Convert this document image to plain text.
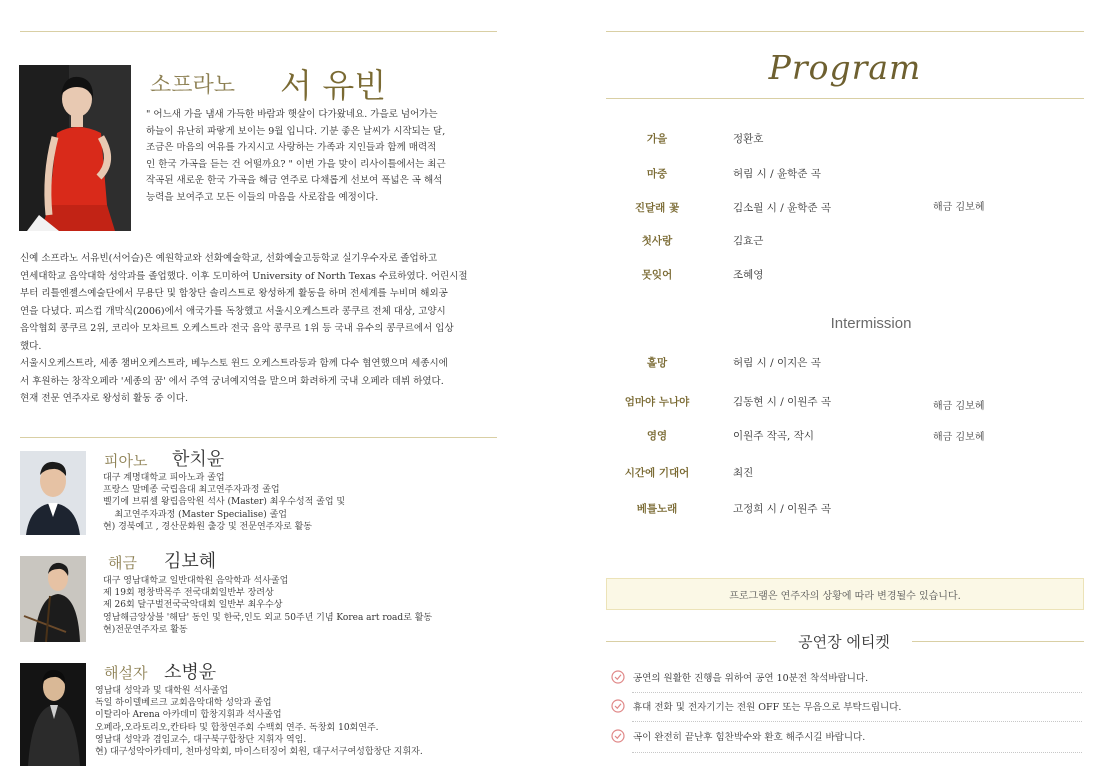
소프라노 서 유빈

" 어느새 가을 냄새 가득한 바람과 햇살이 다가왔네요. 가을로 넘어가는

하늘이 유난히 파랗게 보이는 9월 입니다. 기분 좋은 날씨가 시작되는 달,

조금은 마음의 여유를 가지시고 사랑하는 가족과 지인들과 함께 매력적

인 한국 가곡을 듣는 건 어떨까요? " 이번 가을 맞이 리사이틀에서는 최근

작곡된 새로운 한국 가곡을 해금 연주로 다채롭게 선보여 폭넓은 곡 해석

능력을 보여주고 모든 이들의 마음을 사로잡을 예정이다.

신예 소프라노 서유빈(서어슬)은 예원학교와 선화예술학교, 선화예술고등학교 실기우수자로 졸업하고

연세대학교 음악대학 성악과를 졸업했다. 이후 도미하여 University of North Texas 수료하였다. 어린시절

부터 리틀엔젤스예술단에서 무용단 및 합창단 솔리스트로 왕성하게 활동을 하며 전세계를 누비며 해외공

연을 다녔다. 피스컵 개막식(2006)에서 애국가를 독창했고 서울시오케스트라 콩쿠르 전체 대상, 고양시

음악협회 콩쿠르 2위, 코리아 모차르트 오케스트라 전국 음악 콩쿠르 1위 등 국내 유수의 콩쿠르에서 입상

했다.

서울시오케스트라, 세종 챔버오케스트라, 베누스토 윈드 오케스트라등과 함께 다수 협연했으며 세종시에

서 후원하는 창작오페라 '세종의 꿈' 에서 주역 궁녀예지역을 맡으며 화려하게 국내 오페라 데뷔 하였다.

현재 전문 연주자로 왕성히 활동 중 이다.

피아노 한치윤

대구 계명대학교 피아노과 졸업

프랑스 말메종 국립음대 최고연주자과정 졸업

벨기에 브뤼셀 왕립음악원 석사 (Master) 최우수성적 졸업 및

최고연주자과정 (Master Specialise) 졸업

현) 경북예고 , 경산문화원 출강 및 전문연주자로 활동

해금 김보혜

대구 영남대학교 일반대학원 음악학과 석사졸업

제 19회 평창박목주 전국대회일반부 장려상

제 26회 달구벌전국국악대회 일반부 최우수상

영남해금앙상블 '해담' 동인 및 한국,인도 외교 50주년 기념 Korea art road로 활동

현)전문연주자로 활동

해설자 소병윤

영남대 성악과 및 대학원 석사졸업

독일 하이델베르크 교회음악대학 성악과 졸업

이탈리아 Arena 아카데미 합창지휘과 석사졸업

오페라,오라토리오,칸타타 및 합창연주회 수백회 연주. 독창회 10회연주.

영남대 성악과 겸임교수, 대구북구합창단 지휘자 역임.

현) 대구성악아카데미, 천마성악회, 마이스터징어 회원, 대구서구여성합창단 지휘자.

Program
가을	정환호
마중	허림 시 / 윤학준 곡
진달래 꽃	김소월 시 / 윤학준 곡	해금 김보혜
첫사랑	김효근
못잊어	조혜영
Intermission
홀망	허림 시 / 이지은 곡
엄마야 누나야	김동현 시 / 이원주 곡	해금 김보혜
영영	이원주 작곡, 작시	해금 김보혜
시간에 기대어	최진
베틀노래	고정희 시 / 이원주 곡
프로그램은 연주자의 상황에 따라 변경될수 있습니다.
공연장 에티켓
공연의 원활한 진행을 위하여 공연 10분전 착석바랍니다.
휴대 전화 및 전자기기는 전원 OFF 또는 무음으로 부탁드립니다.
곡이 완전히 끝난후 힘찬박수와 환호 해주시길 바랍니다.
